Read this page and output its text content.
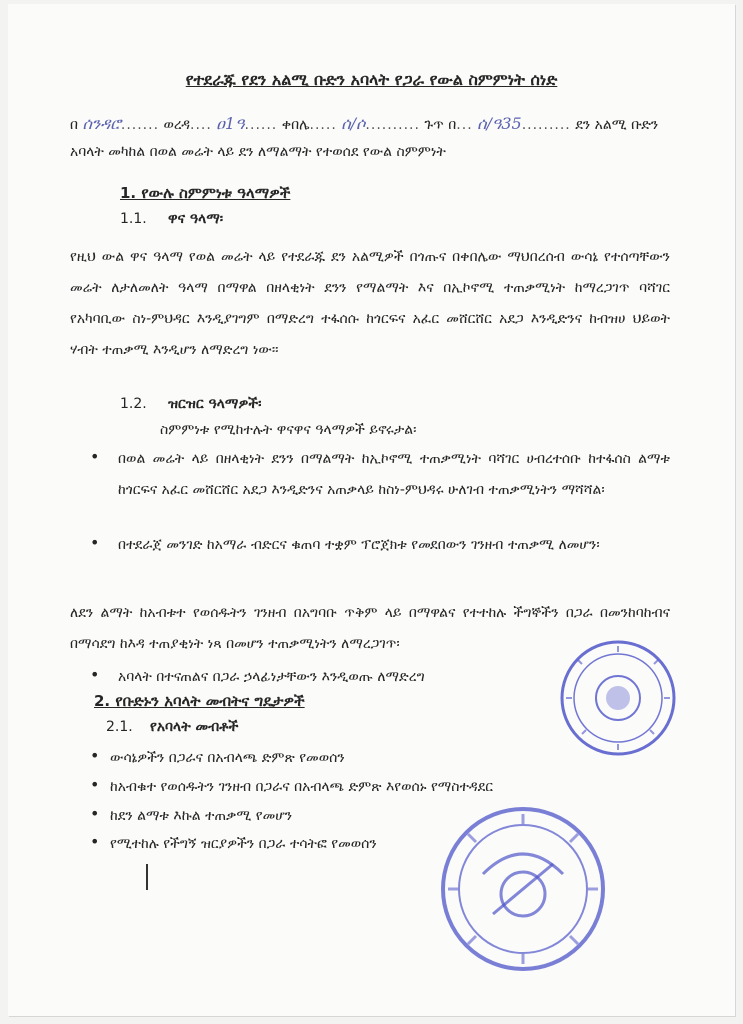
የተደራጁ የደን አልሚ ቡድን አባላት የጋራ የውል ስምምነት ሰነድ
በ ሰንዳሮ....... ወረዳ.... ዐ1ዓ...... ቀበሌ..... ሰ/ሶ.......... ጉጥ በ... ሰ/ዓ35......... ደን አልሚ ቡድን
አባላት መካከል በወል መሬት ላይ ደን ለማልማት የተወሰደ የውል ስምምነት
1. የውሉ ስምምነቱ ዓላማዎች
1.1. ዋና ዓላማ፡
የዚህ ውል ዋና ዓላማ የወል መሬት ላይ የተደራጁ ደን አልሚዎች በጎጡና በቀበሌው ማህበረሰብ ውሳኔ የተሰጣቸውን መሬት ለታለመለት ዓላማ በማዋል በዘላቂነት ደንን የማልማት እና በኢኮኖሚ ተጠቃሚነት ከማረጋገጥ ባሻገር የአካባቢው ስነ-ምህዳር እንዲያገግም በማድረግ ተፋሰሱ ከጎርፍና አፈር መሸርሸር አደጋ እንዲድንና ከብዝሀ ህይወት ሃብት ተጠቃሚ እንዲሆን ለማድረግ ነው፡፡
1.2. ዝርዝር ዓላማዎች፡
ስምምነቱ የሚከተሉት ዋናዋና ዓላማዎች ይኖሩታል፡
• በወል መሬት ላይ በዘላቂነት ደንን በማልማት ከኢኮኖሚ ተጠቃሚነት ባሻገር ሀብረተሰቡ ከተፋሰስ ልማቱ ከጎርፍና አፈር መሸርሸር አደጋ እንዲድንና አጠቃላይ ከስነ-ምህዳሩ ሁለገብ ተጠቃሚነትን ማሻሻል፡
• በተደራጀ መንገድ ከአማራ ብድርና ቁጠባ ተቋም ፕሮጀክቱ የመደበውን ገንዘብ ተጠቃሚ ለመሆን፡
ለደን ልማት ከአብቱተ የወሰዱትን ገንዘብ በአግባቡ ጥቅም ላይ በማዋልና የተተከሉ ችግኞችን በጋራ በመንከባከብና በማሳደግ ከእዳ ተጠያቂነት ነጻ በመሆን ተጠቃሚነትን ለማረጋገጥ፡
• አባላት በተናጠልና በጋራ ኃላፊነታቸውን እንዲወጡ ለማድረግ
2. የቡድኑን አባላት መብትና ግዴታዎች
2.1. የአባላት መብቶች
• ውሳኔዎችን በጋራና በአብላጫ ድምጽ የመወሰን
• ከአብቁተ የወሰዱትን ገንዘብ በጋራና በአብላጫ ድምጽ እየወሰኑ የማስተዳደር
• ከደን ልማቱ እኩል ተጠቃሚ የመሆን
• የሚተከሉ የችግኝ ዝርያዎችን በጋራ ተሳትፎ የመወሰን
